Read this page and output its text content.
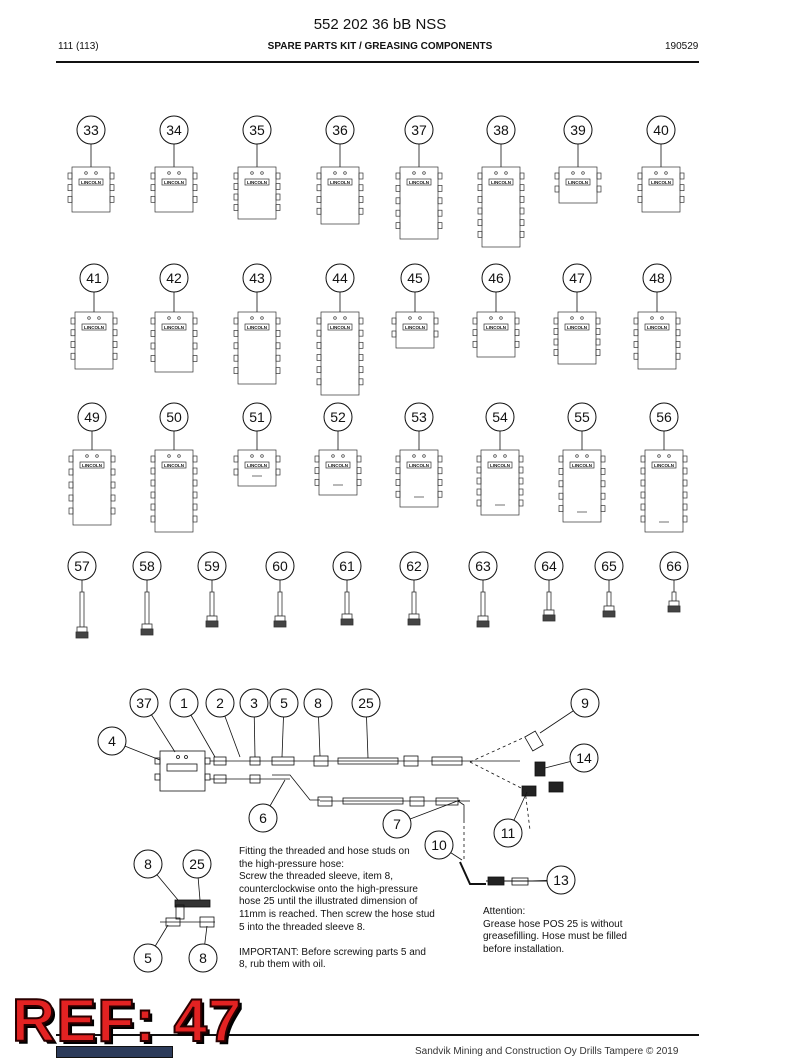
552 202 36 bB NSS
111 (113)	SPARE PARTS KIT / GREASING COMPONENTS	190529
LINCOLN
33
LINCOLN
34
LINCOLN
35
LINCOLN
36
LINCOLN
37
LINCOLN
38
LINCOLN
39
LINCOLN
40
LINCOLN
41
LINCOLN
42
LINCOLN
43
LINCOLN
44
LINCOLN
45
LINCOLN
46
LINCOLN
47
LINCOLN
48
LINCOLN
49
LINCOLN
50
LINCOLN
51
LINCOLN
52
LINCOLN
53
LINCOLN
54
LINCOLN
55
LINCOLN
56
57	58	59	60	61	62	63	64	65	66
37 1 2 3 5 8	25	9
4
14
6	7
11
10
13
8	25
5	8
Fitting the threaded and hose studs on
the high-pressure hose:
Screw the threaded sleeve, item 8,
counterclockwise onto the high-pressure
hose 25 until the illustrated dimension of
11mm is reached. Then screw the hose stud
5 into the threaded sleeve 8.

IMPORTANT: Before screwing parts 5 and
8, rub them with oil.
Attention:
Grease hose POS 25 is without
greasefilling. Hose must be filled
before installation.
Sandvik Mining and Construction Oy Drills Tampere © 2019
REF: 47
